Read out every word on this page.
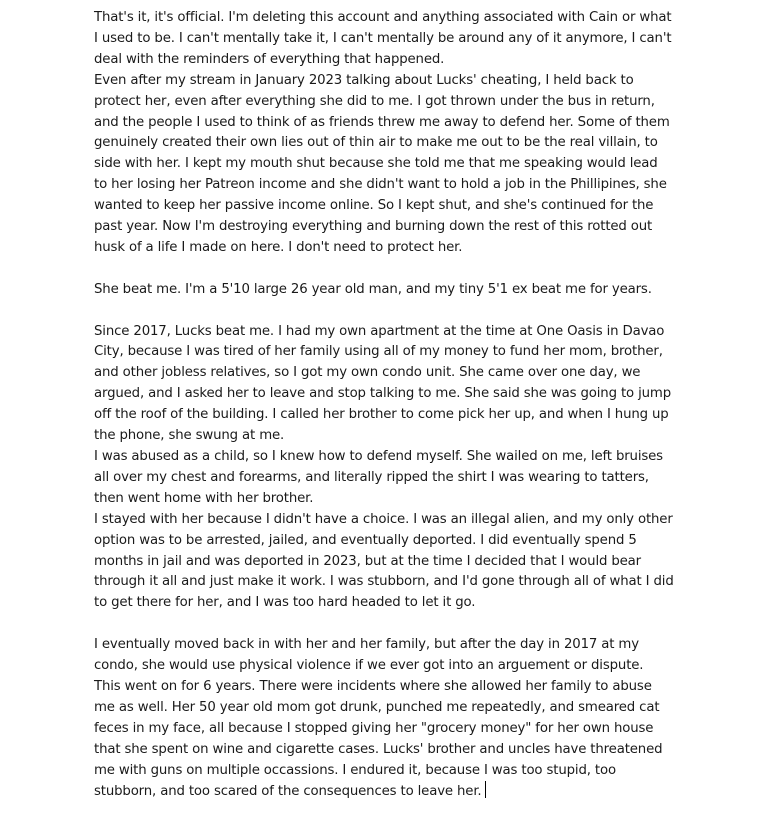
That's it, it's official. I'm deleting this account and anything associated with Cain or what I used to be. I can't mentally take it, I can't mentally be around any of it anymore, I can't deal with the reminders of everything that happened.

Even after my stream in January 2023 talking about Lucks' cheating, I held back to protect her, even after everything she did to me. I got thrown under the bus in return, and the people I used to think of as friends threw me away to defend her. Some of them genuinely created their own lies out of thin air to make me out to be the real villain, to side with her. I kept my mouth shut because she told me that me speaking would lead to her losing her Patreon income and she didn't want to hold a job in the Phillipines, she wanted to keep her passive income online. So I kept shut, and she's continued for the past year. Now I'm destroying everything and burning down the rest of this rotted out husk of a life I made on here. I don't need to protect her.

She beat me. I'm a 5'10 large 26 year old man, and my tiny 5'1 ex beat me for years.

Since 2017, Lucks beat me. I had my own apartment at the time at One Oasis in Davao City, because I was tired of her family using all of my money to fund her mom, brother, and other jobless relatives, so I got my own condo unit. She came over one day, we argued, and I asked her to leave and stop talking to me. She said she was going to jump off the roof of the building. I called her brother to come pick her up, and when I hung up the phone, she swung at me.

I was abused as a child, so I knew how to defend myself. She wailed on me, left bruises all over my chest and forearms, and literally ripped the shirt I was wearing to tatters, then went home with her brother.

I stayed with her because I didn't have a choice. I was an illegal alien, and my only other option was to be arrested, jailed, and eventually deported. I did eventually spend 5 months in jail and was deported in 2023, but at the time I decided that I would bear through it all and just make it work. I was stubborn, and I'd gone through all of what I did to get there for her, and I was too hard headed to let it go.

I eventually moved back in with her and her family, but after the day in 2017 at my condo, she would use physical violence if we ever got into an arguement or dispute. This went on for 6 years. There were incidents where she allowed her family to abuse me as well. Her 50 year old mom got drunk, punched me repeatedly, and smeared cat feces in my face, all because I stopped giving her "grocery money" for her own house that she spent on wine and cigarette cases. Lucks' brother and uncles have threatened me with guns on multiple occassions. I endured it, because I was too stupid, too stubborn, and too scared of the consequences to leave her.
